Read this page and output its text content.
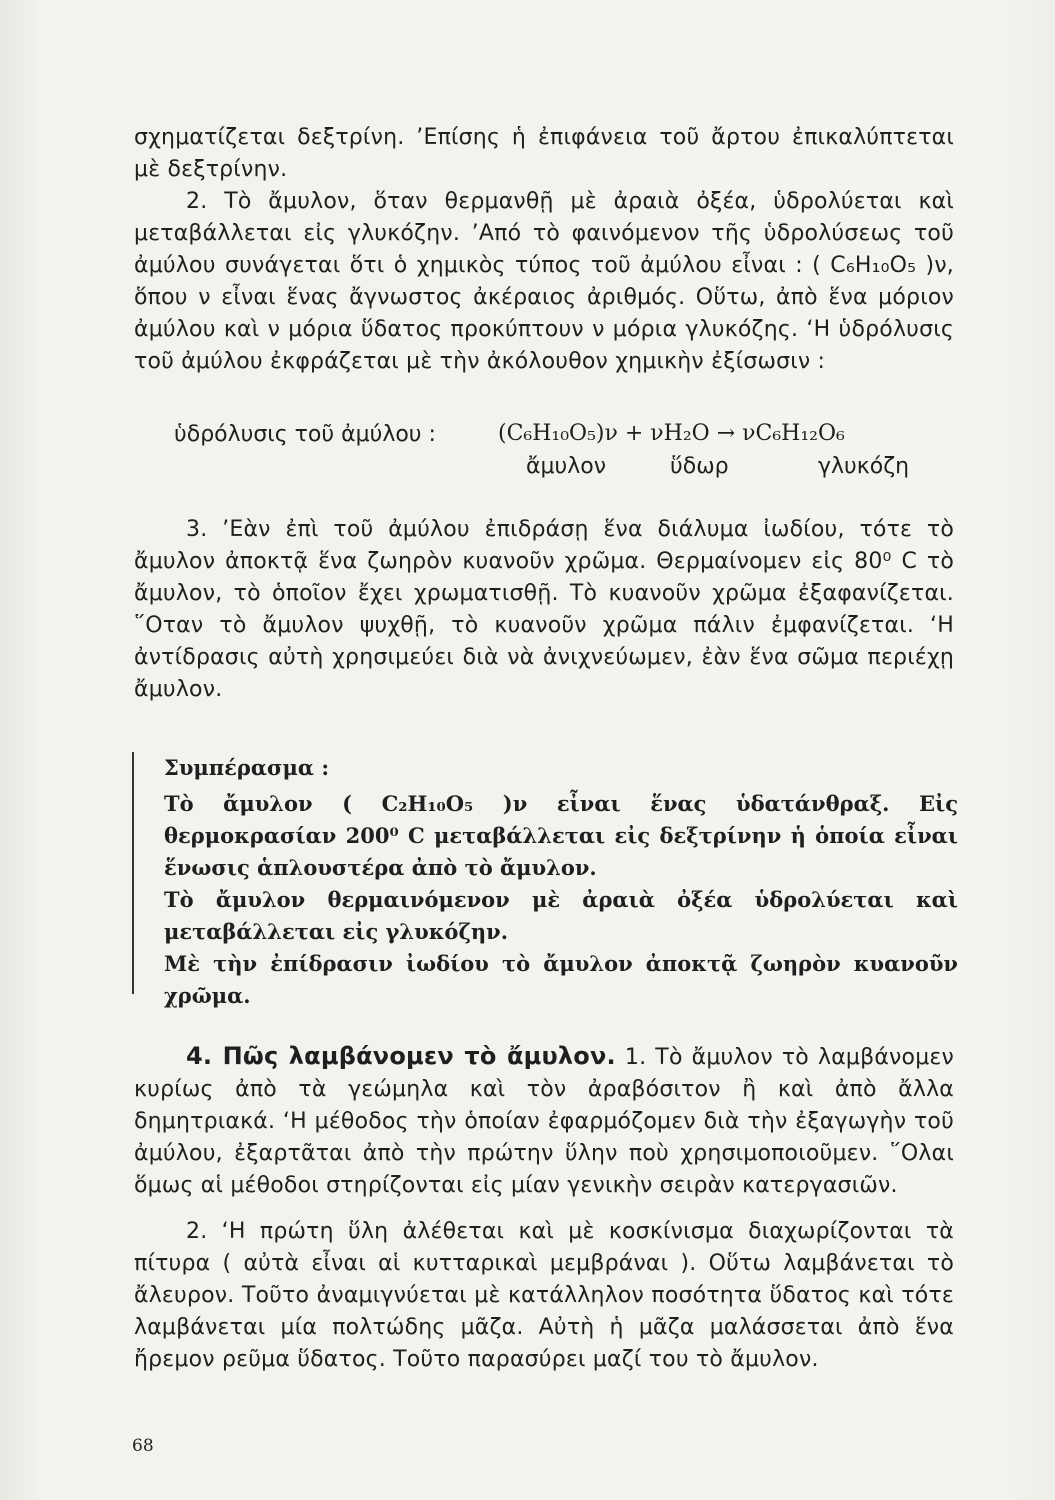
σχηματίζεται δεξτρίνη. ’Επίσης ἡ ἐπιφάνεια τοῦ ἄρτου ἐπικαλύπτεται μὲ δεξτρίνην.

2. Τὸ ἄμυλον, ὅταν θερμανθῇ μὲ ἀραιὰ ὀξέα, ὑδρολύεται καὶ μεταβάλλεται εἰς γλυκόζην. ’Από τὸ φαινόμενον τῆς ὑδρολύσεως τοῦ ἀμύλου συνάγεται ὅτι ὁ χημικὸς τύπος τοῦ ἀμύλου εἶναι : ( C₆H₁₀O₅ )ν, ὅπου ν εἶναι ἕνας ἄγνωστος ἀκέραιος ἀριθμός. Οὕτω, ἀπὸ ἕνα μόριον ἀμύλου καὶ ν μόρια ὕδατος προκύπτουν ν μόρια γλυκόζης. ‘Η ὑδρόλυσις τοῦ ἀμύλου ἐκφράζεται μὲ τὴν ἀκόλουθον χημικὴν ἐξίσωσιν :

ὑδρόλυσις τοῦ ἀμύλου :	(C₆H₁₀O₅)ν + νH₂O → νC₆H₁₂O₆
ἄμυλον	ὕδωρ	γλυκόζη

3. ’Εὰν ἐπὶ τοῦ ἀμύλου ἐπιδράσῃ ἕνα διάλυμα ἰωδίου, τότε τὸ ἄμυλον ἀποκτᾷ ἕνα ζωηρὸν κυανοῦν χρῶμα. Θερμαίνομεν εἰς 80⁰ C τὸ ἄμυλον, τὸ ὁποῖον ἔχει χρωματισθῇ. Τὸ κυανοῦν χρῶμα ἐξαφανίζεται. ῞Οταν τὸ ἄμυλον ψυχθῇ, τὸ κυανοῦν χρῶμα πάλιν ἐμφανίζεται. ‘Η ἀντίδρασις αὐτὴ χρησιμεύει διὰ νὰ ἀνιχνεύωμεν, ἐὰν ἕνα σῶμα περιέχῃ ἄμυλον.

Συμπέρασμα :

Τὸ ἄμυλον ( C₂H₁₀O₅ )ν εἶναι ἕνας ὑδατάνθραξ. Εἰς θερμοκρασίαν 200⁰ C μεταβάλλεται εἰς δεξτρίνην ἡ ὁποία εἶναι ἕνωσις ἁπλουστέρα ἀπὸ τὸ ἄμυλον.

Τὸ ἄμυλον θερμαινόμενον μὲ ἀραιὰ ὀξέα ὑδρολύεται καὶ μεταβάλλεται εἰς γλυκόζην.

Μὲ τὴν ἐπίδρασιν ἰωδίου τὸ ἄμυλον ἀποκτᾷ ζωηρὸν κυανοῦν χρῶμα.

4. Πῶς λαμβάνομεν τὸ ἄμυλον. 1. Τὸ ἄμυλον τὸ λαμβάνομεν κυρίως ἀπὸ τὰ γεώμηλα καὶ τὸν ἀραβόσιτον ἢ καὶ ἀπὸ ἄλλα δημητριακά. ‘Η μέθοδος τὴν ὁποίαν ἐφαρμόζομεν διὰ τὴν ἐξαγωγὴν τοῦ ἀμύλου, ἐξαρτᾶται ἀπὸ τὴν πρώτην ὕλην ποὺ χρησιμοποιοῦμεν. ῞Ολαι ὅμως αἱ μέθοδοι στηρίζονται εἰς μίαν γενικὴν σειρὰν κατεργασιῶν.

2. ‘Η πρώτη ὕλη ἀλέθεται καὶ μὲ κοσκίνισμα διαχωρίζονται τὰ πίτυρα ( αὐτὰ εἶναι αἱ κυτταρικαὶ μεμβράναι ). Οὕτω λαμβάνεται τὸ ἄλευρον. Τοῦτο ἀναμιγνύεται μὲ κατάλληλον ποσότητα ὕδατος καὶ τότε λαμβάνεται μία πολτώδης μᾶζα. Αὐτὴ ἡ μᾶζα μαλάσσεται ἀπὸ ἕνα ἤρεμον ρεῦμα ὕδατος. Τοῦτο παρασύρει μαζί του τὸ ἄμυλον.

68
